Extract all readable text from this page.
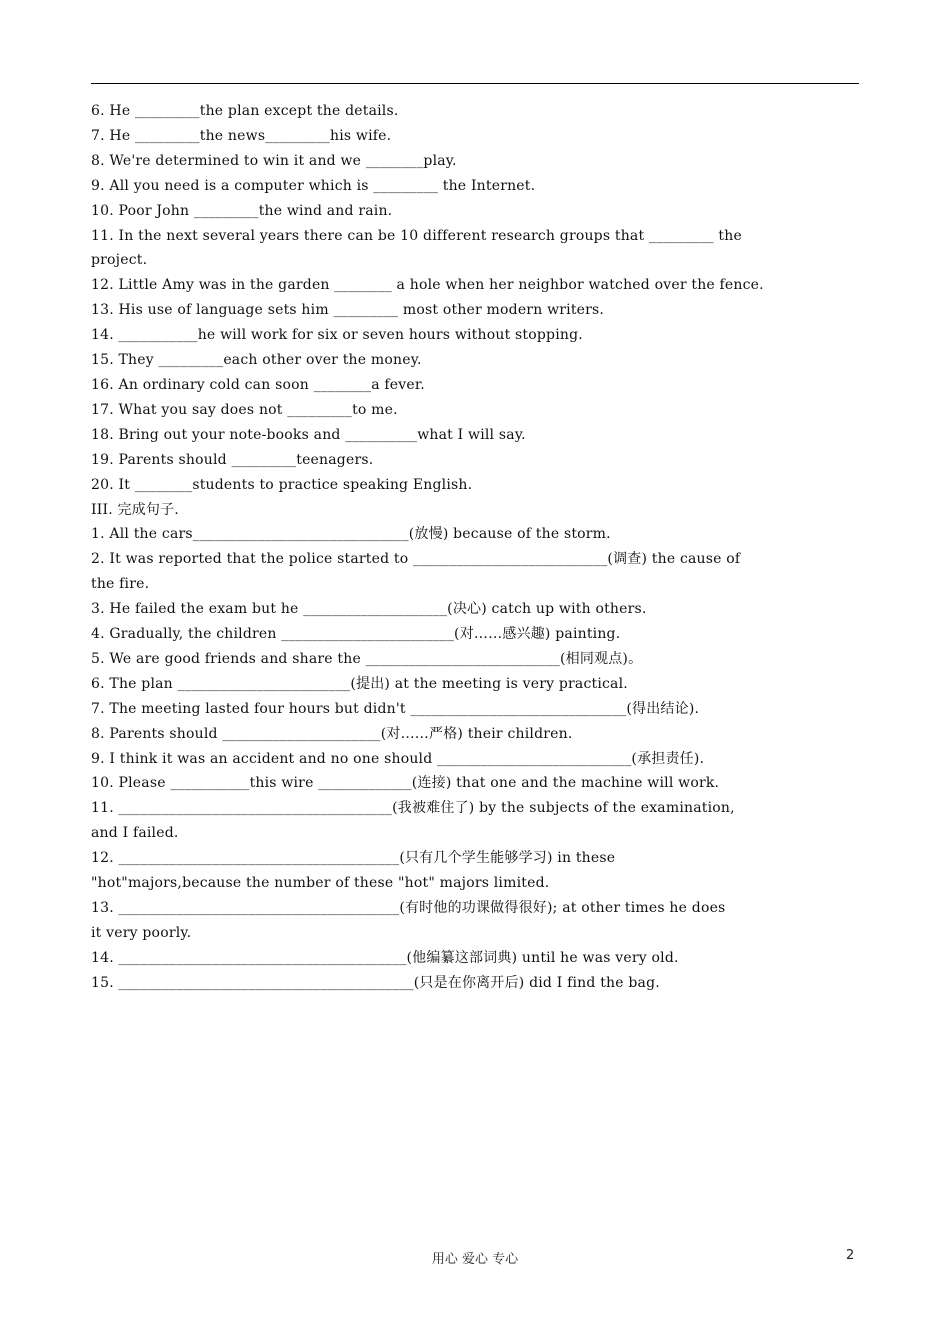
6. He _________the plan except the details.
7. He _________the news_________his wife.
8. We're determined to win it and we ________play.
9. All you need is a computer which is _________ the Internet.
10. Poor John _________the wind and rain.
11. In the next several years there can be 10 different research groups that _________ the
project.
12. Little Amy was in the garden ________ a hole when her neighbor watched over the fence.
13. His use of language sets him _________ most other modern writers.
14. ___________he will work for six or seven hours without stopping.
15. They _________each other over the money.
16. An ordinary cold can soon ________a fever.
17. What you say does not _________to me.
18. Bring out your note-books and __________what I will say.
19. Parents should _________teenagers.
20. It ________students to practice speaking English.
III. 完成句子.
1. All the cars______________________________(放慢) because of the storm.
2. It was reported that the police started to ___________________________(调查) the cause of
the fire.
3. He failed the exam but he ____________________(决心) catch up with others.
4. Gradually, the children ________________________(对……感兴趣) painting.
5. We are good friends and share the ___________________________(相同观点)。
6. The plan ________________________(提出) at the meeting is very practical.
7. The meeting lasted four hours but didn't ______________________________(得出结论).
8. Parents should ______________________(对……严格) their children.
9. I think it was an accident and no one should ___________________________(承担责任).
10. Please ___________this wire _____________(连接) that one and the machine will work.
11. ______________________________________(我被难住了) by the subjects of the examination,
and I failed.
12. _______________________________________(只有几个学生能够学习) in these
"hot"majors,because the number of these "hot" majors limited.
13. _______________________________________(有时他的功课做得很好); at other times he does
it very poorly.
14. ________________________________________(他编纂这部词典) until he was very old.
15. _________________________________________(只是在你离开后) did I find the bag.
用心 爱心 专心	2
